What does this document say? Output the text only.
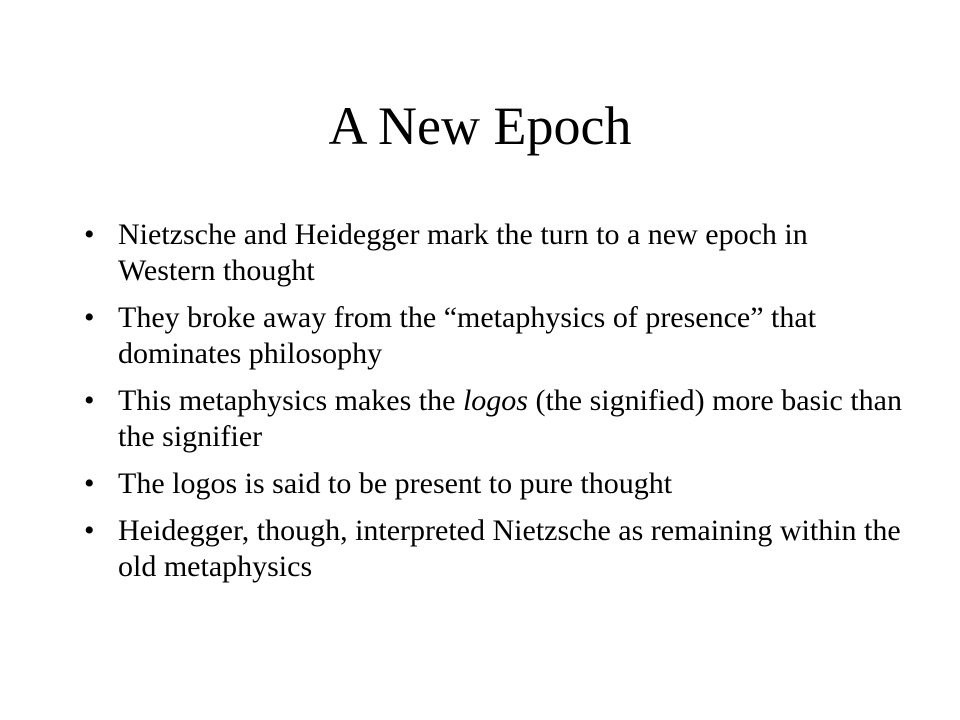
A New Epoch
• Nietzsche and Heidegger mark the turn to a new epoch in Western thought
• They broke away from the “metaphysics of presence” that dominates philosophy
• This metaphysics makes the logos (the signified) more basic than the signifier
• The logos is said to be present to pure thought
• Heidegger, though, interpreted Nietzsche as remaining within the old metaphysics
